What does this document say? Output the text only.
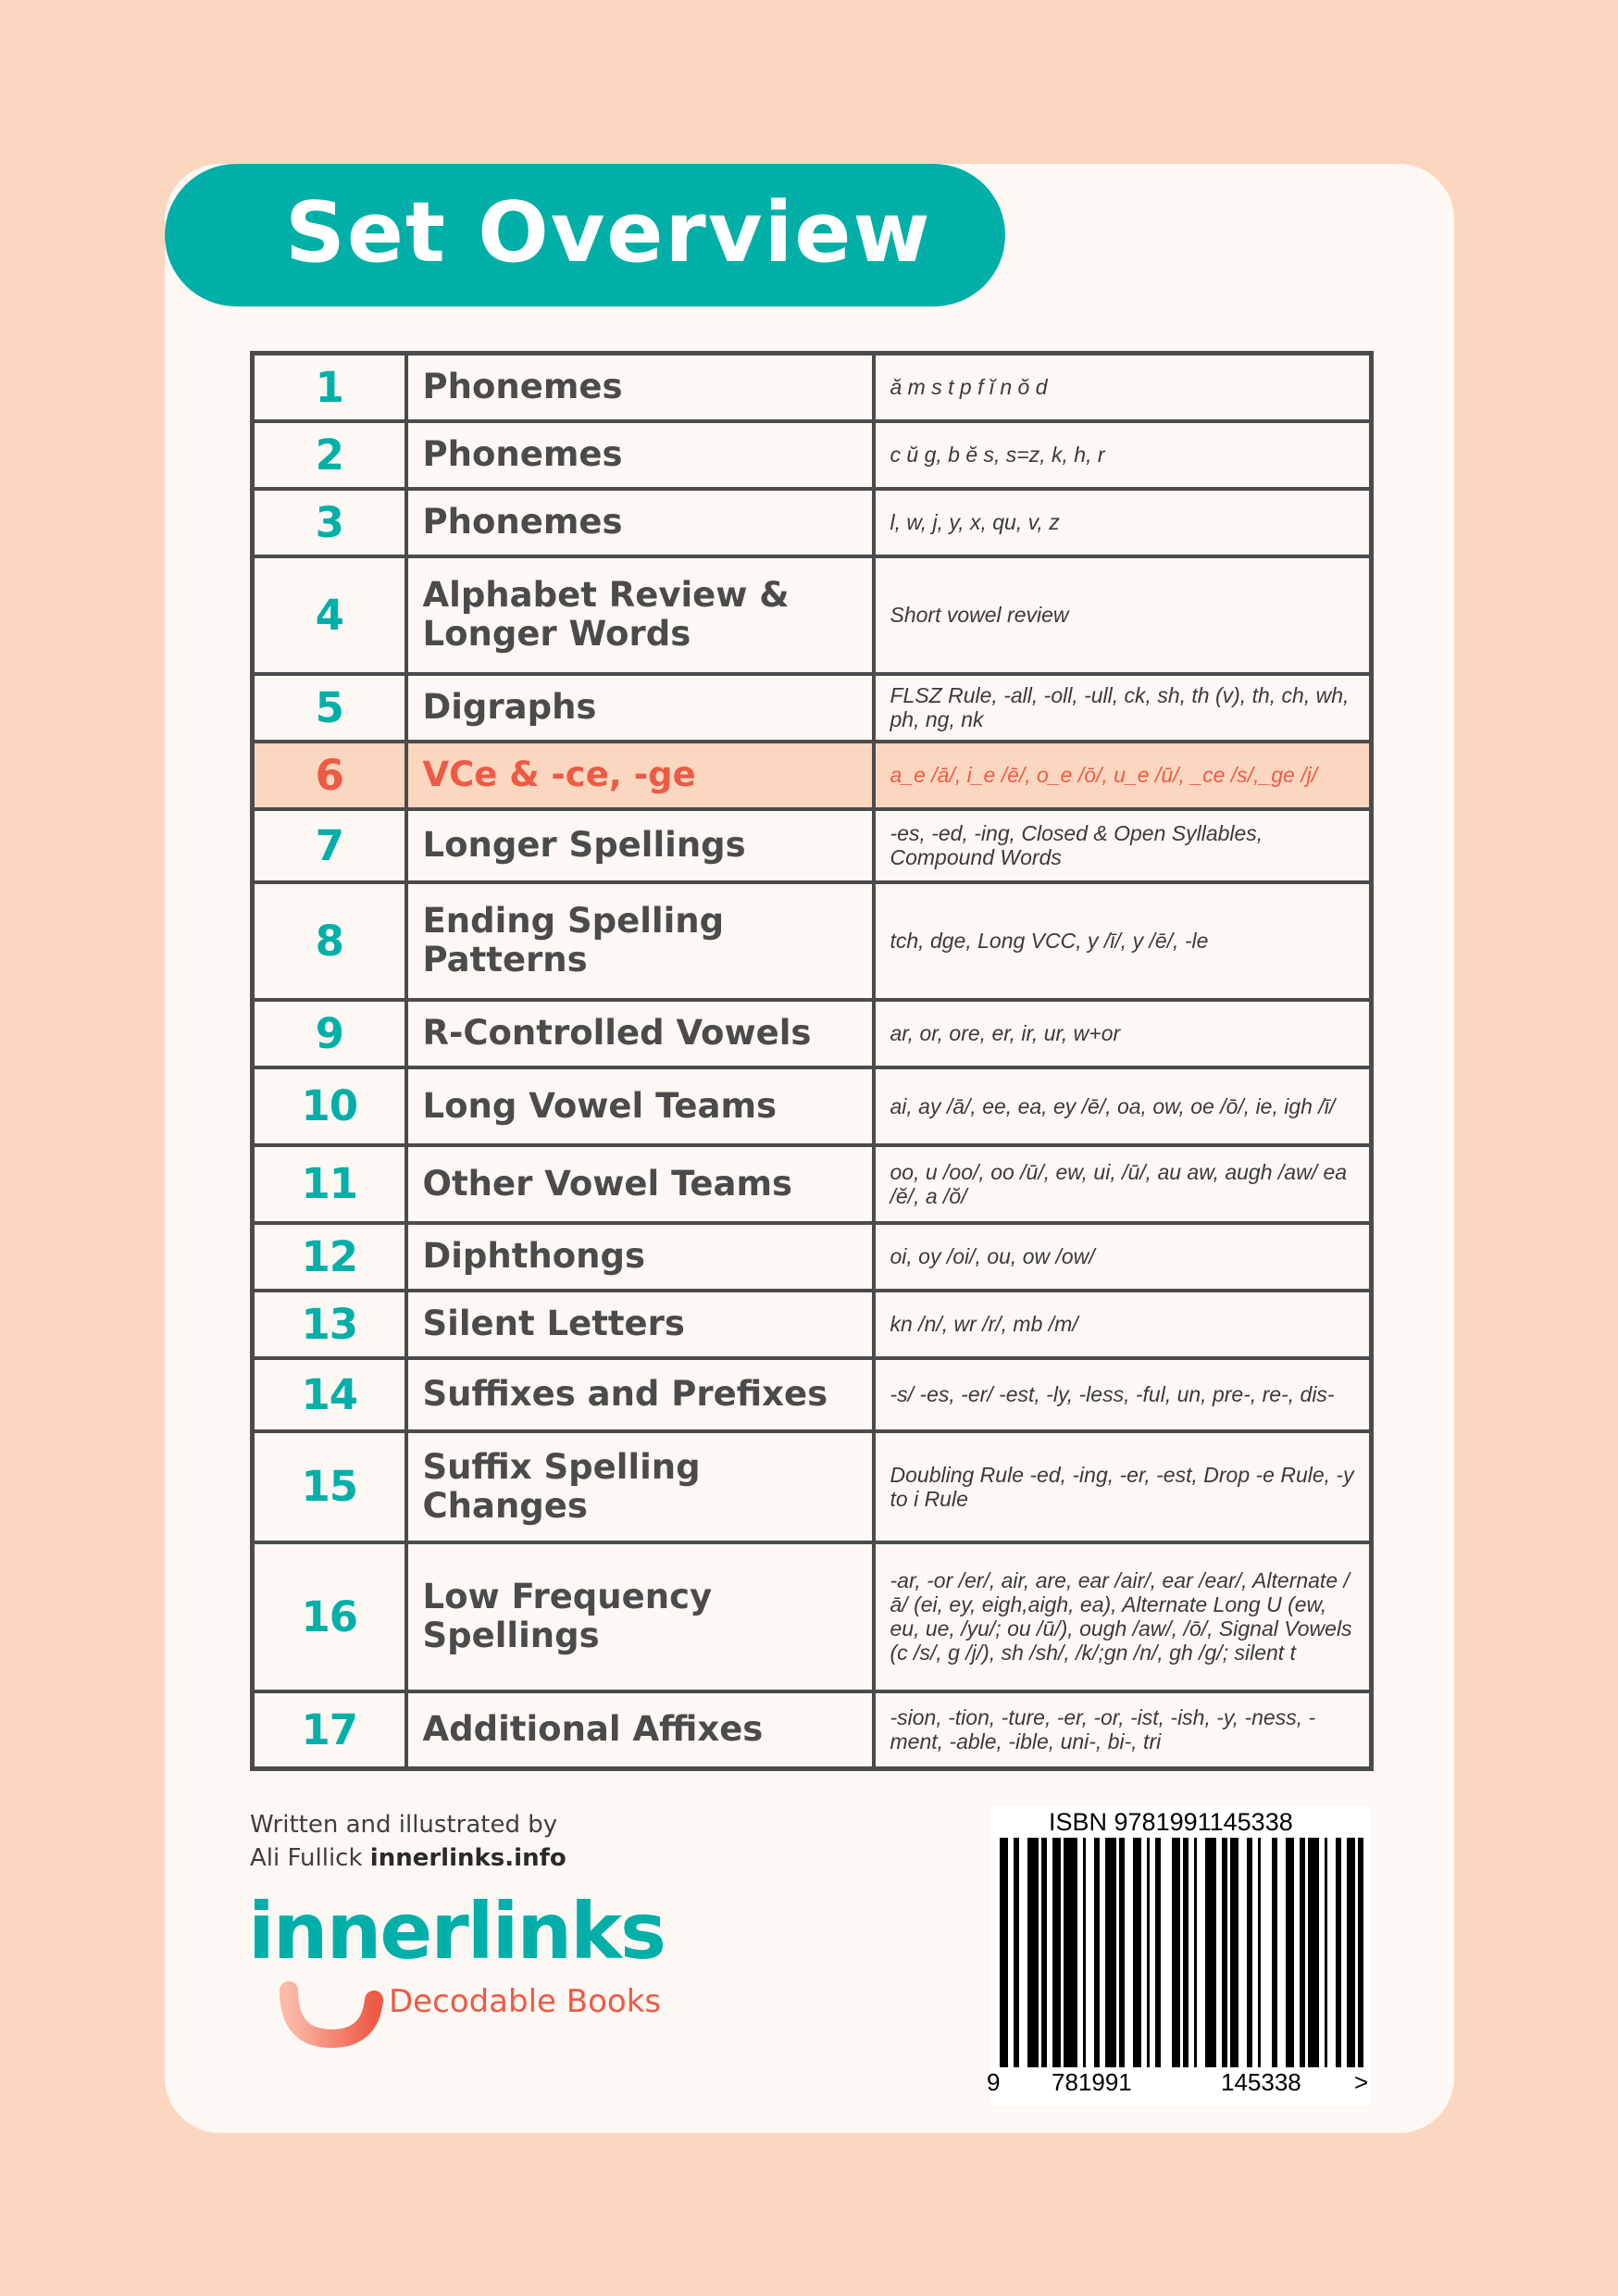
Set Overview
1	Phonemes	ă m s t p f ĭ n ŏ d
2	Phonemes	c ŭ g, b ĕ s, s=z, k, h, r
3	Phonemes	l, w, j, y, x, qu, v, z
4	Alphabet Review & Longer Words	Short vowel review
5	Digraphs	FLSZ Rule, -all, -oll, -ull, ck, sh, th (v), th, ch, wh, ph, ng, nk
6	VCe & -ce, -ge	a_e /ā/, i_e /ē/, o_e /ō/, u_e /ū/, _ce /s/,_ge /j/
7	Longer Spellings	-es, -ed, -ing, Closed & Open Syllables, Compound Words
8	Ending Spelling Patterns	tch, dge, Long VCC, y /ī/, y /ē/, -le
9	R-Controlled Vowels	ar, or, ore, er, ir, ur, w+or
10	Long Vowel Teams	ai, ay /ā/, ee, ea, ey /ē/, oa, ow, oe /ō/, ie, igh /ī/
11	Other Vowel Teams	oo, u /oo/, oo /ū/, ew, ui, /ū/, au aw, augh /aw/ ea /ĕ/, a /ŏ/
12	Diphthongs	oi, oy /oi/, ou, ow /ow/
13	Silent Letters	kn /n/, wr /r/, mb /m/
14	Suffixes and Prefixes	-s/ -es, -er/ -est, -ly, -less, -ful, un, pre-, re-, dis-
15	Suffix Spelling Changes	Doubling Rule -ed, -ing, -er, -est, Drop -e Rule, -y to i Rule
16	Low Frequency Spellings	-ar, -or /er/, air, are, ear /air/, ear /ear/, Alternate /ā/ (ei, ey, eigh,aigh, ea), Alternate Long U (ew, eu, ue, /yu/; ou /ū/), ough /aw/, /ō/, Signal Vowels (c /s/, g /j/), sh /sh/, /k/;gn /n/, gh /g/; silent t
17	Additional Affixes	-sion, -tion, -ture, -er, -or, -ist, -ish, -y, -ness, -ment, -able, -ible, uni-, bi-, tri
Written and illustrated by
Ali Fullick innerlinks.info
innerlinks
Decodable Books
ISBN 9781991145338
9 781991	145338 >
